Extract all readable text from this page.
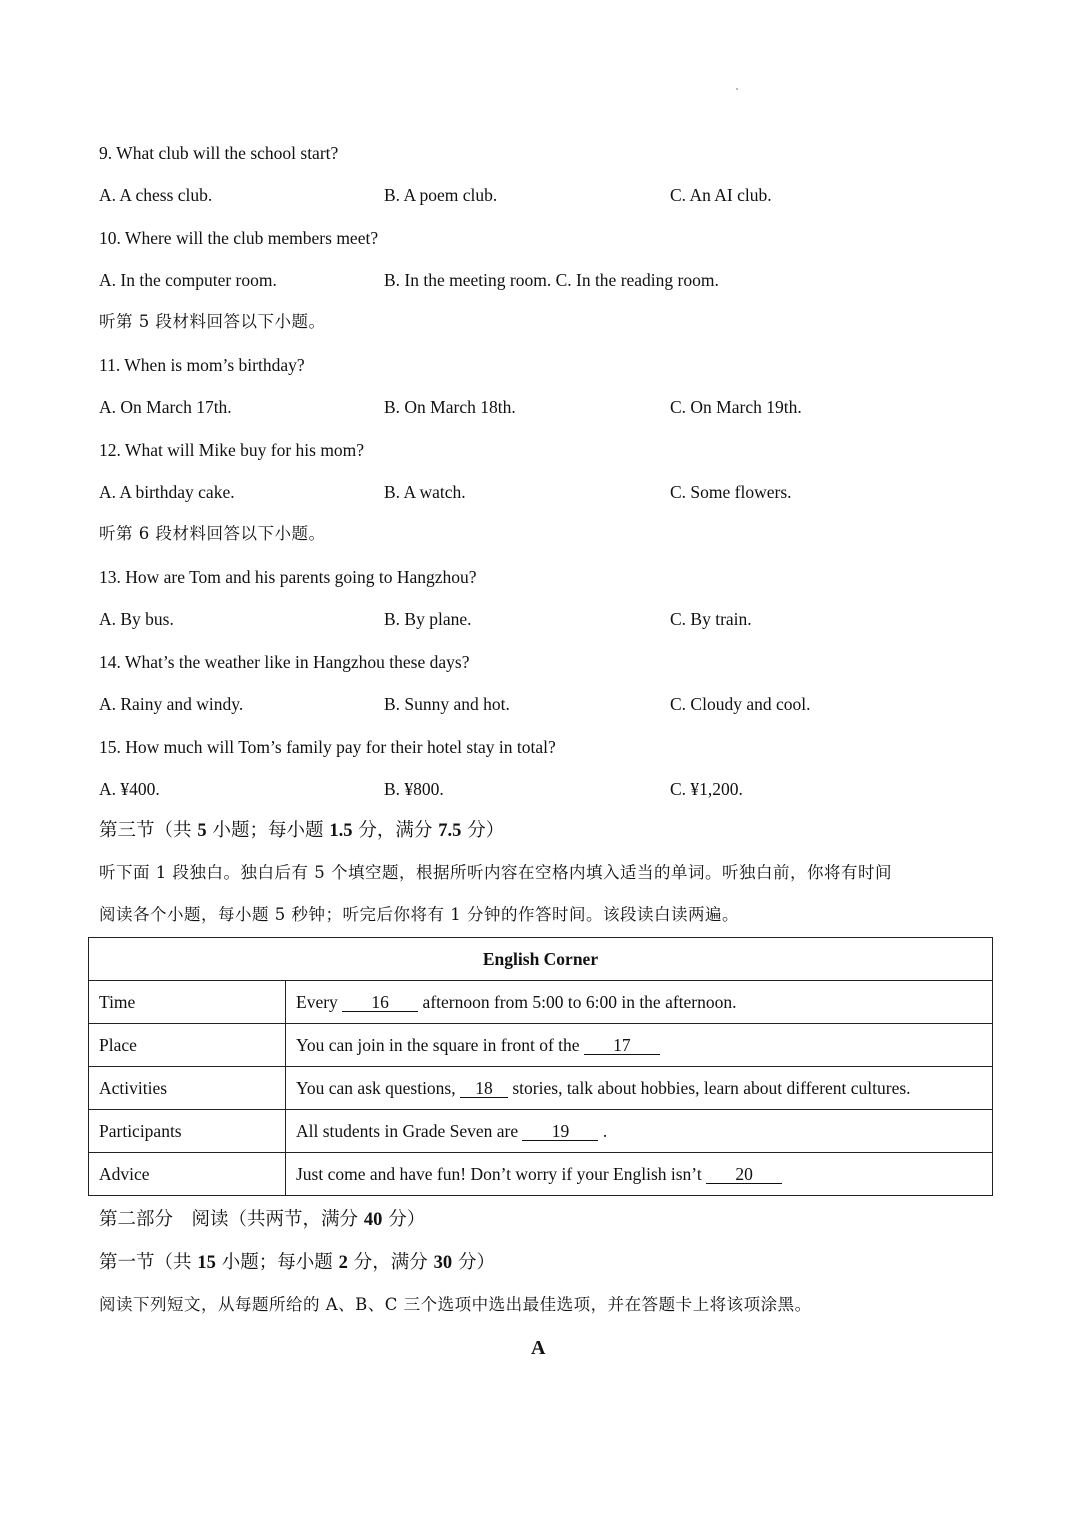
9. What club will the school start?
A. A chess club.	B. A poem club.	C. An AI club.
10. Where will the club members meet?
A. In the computer room.	B. In the meeting room. C. In the reading room.
听第 5 段材料回答以下小题。
11. When is mom’s birthday?
A. On March 17th.	B. On March 18th.	C. On March 19th.
12. What will Mike buy for his mom?
A. A birthday cake.	B. A watch.	C. Some flowers.
听第 6 段材料回答以下小题。
13. How are Tom and his parents going to Hangzhou?
A. By bus.	B. By plane.	C. By train.
14. What’s the weather like in Hangzhou these days?
A. Rainy and windy.	B. Sunny and hot.	C. Cloudy and cool.
15. How much will Tom’s family pay for their hotel stay in total?
A. ¥400.	B. ¥800.	C. ¥1,200.
第三节（共 5 小题；每小题 1.5 分，满分 7.5 分）
听下面 1 段独白。独白后有 5 个填空题，根据所听内容在空格内填入适当的单词。听独白前，你将有时间
阅读各个小题，每小题 5 秒钟；听完后你将有 1 分钟的作答时间。该段读白读两遍。
English Corner	
Time	Every 16 afternoon from 5:00 to 6:00 in the afternoon.
Place	You can join in the square in front of the 17
Activities	You can ask questions, 18 stories, talk about hobbies, learn about different cultures.
Participants	All students in Grade Seven are 19 .
Advice	Just come and have fun! Don’t worry if your English isn’t 20
第二部分　阅读（共两节，满分 40 分）
第一节（共 15 小题；每小题 2 分，满分 30 分）
阅读下列短文，从每题所给的 A、B、C 三个选项中选出最佳选项，并在答题卡上将该项涂黑。
A
